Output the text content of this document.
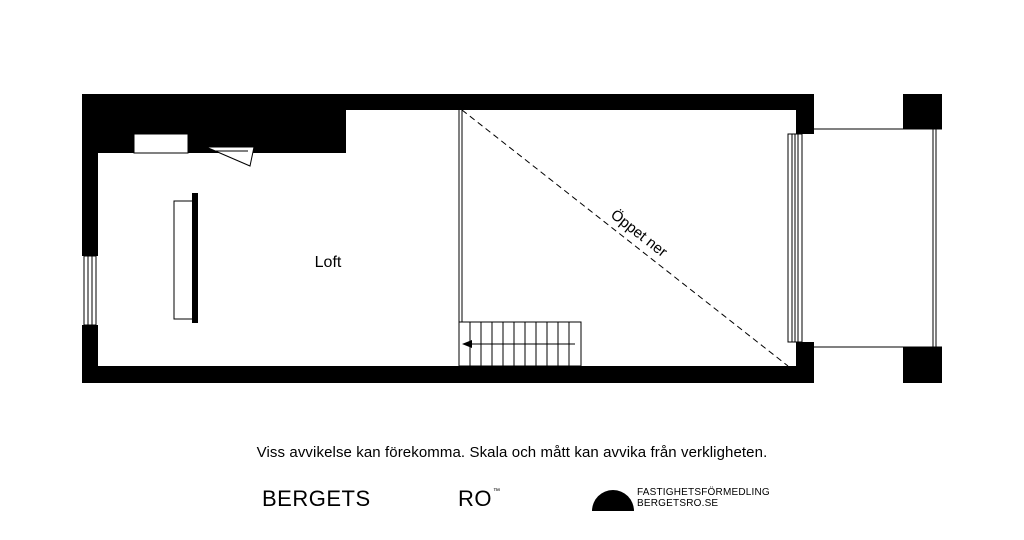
Loft
Öppet ner
Viss avvikelse kan förekomma. Skala och mått kan avvika från verkligheten.
BERGETS	RO™	FASTIGHETSFÖRMEDLING
BERGETSRO.SE
